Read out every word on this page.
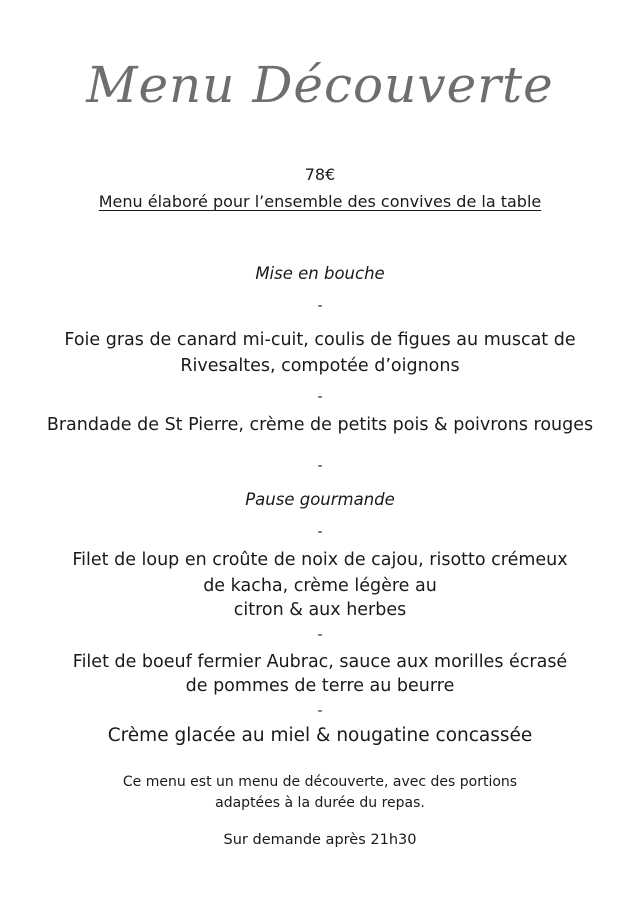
Menu Découverte
78€
Menu élaboré pour l’ensemble des convives de la table
Mise en bouche
-
Foie gras de canard mi-cuit, coulis de figues au muscat de
Rivesaltes, compotée d’oignons
-
Brandade de St Pierre, crème de petits pois & poivrons rouges
-
Pause gourmande
-
Filet de loup en croûte de noix de cajou, risotto crémeux
de kacha, crème légère au
citron & aux herbes
-
Filet de boeuf fermier Aubrac, sauce aux morilles écrasé
de pommes de terre au beurre
-
Crème glacée au miel & nougatine concassée
Ce menu est un menu de découverte, avec des portions
adaptées à la durée du repas.
Sur demande après 21h30
